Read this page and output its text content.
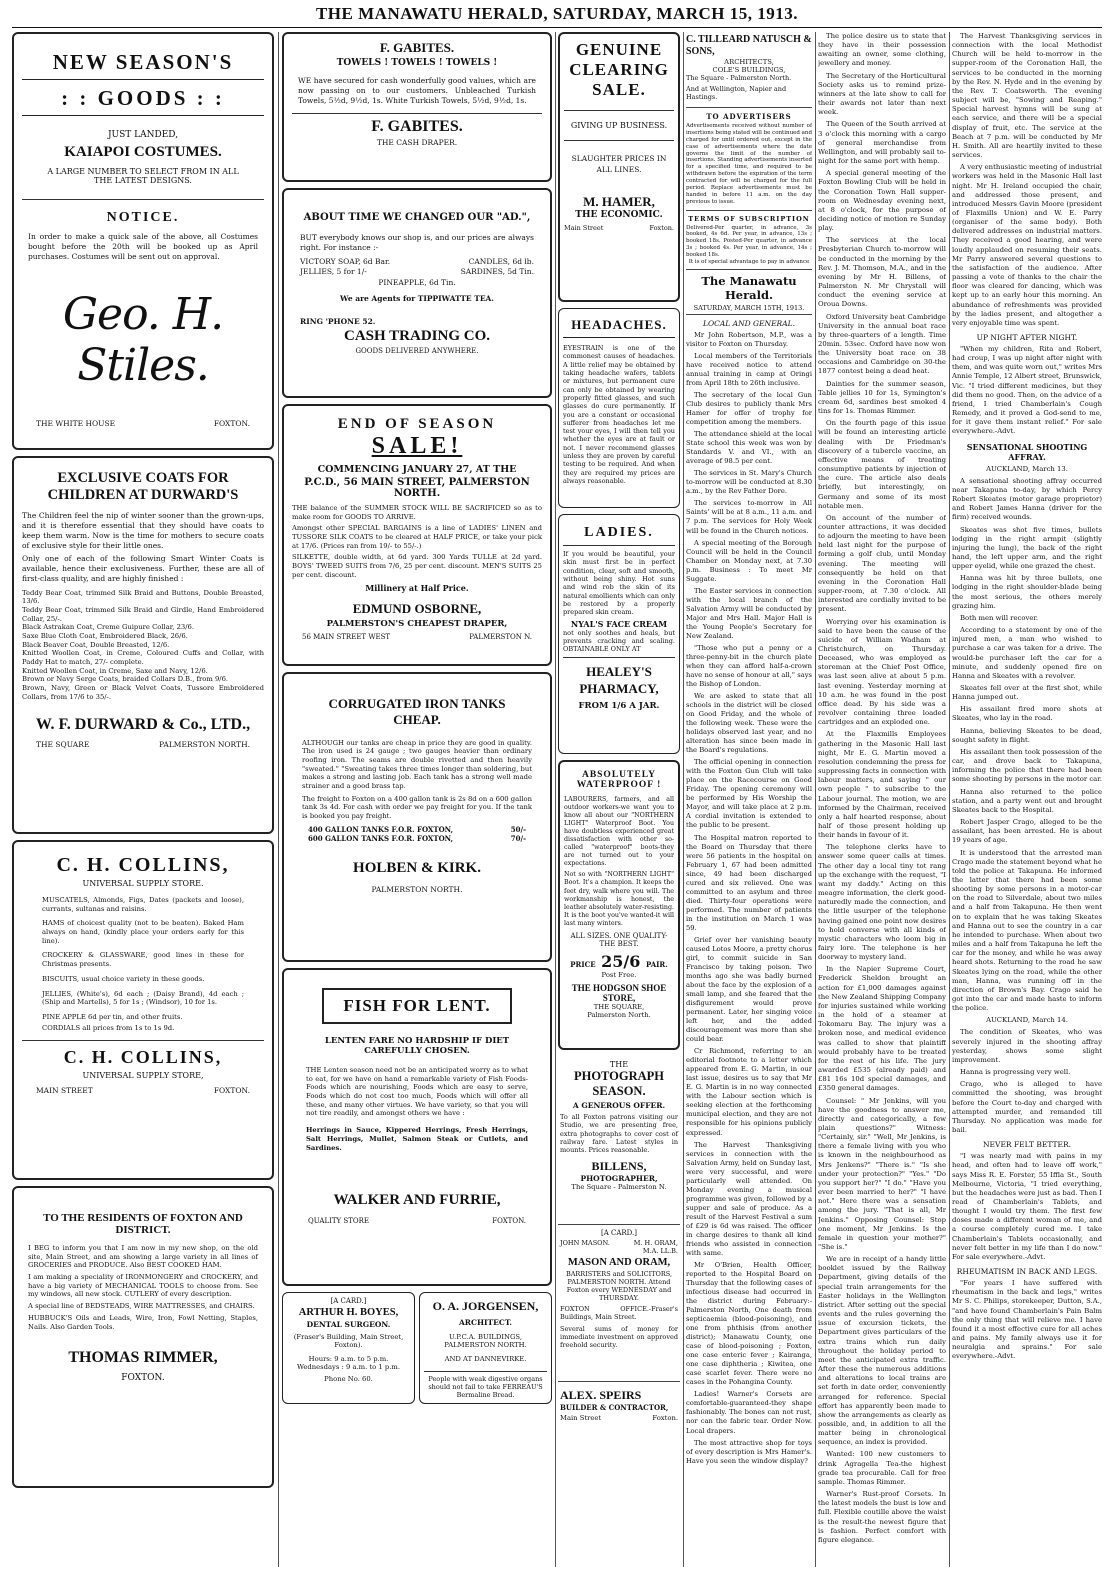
THE MANAWATU HERALD, SATURDAY, MARCH 15, 1913.
NEW SEASON'S
: : GOODS : :
JUST LANDED,
KAIAPOI COSTUMES.
A LARGE NUMBER TO SELECT FROM IN ALL THE LATEST DESIGNS.
NOTICE.
In order to make a quick sale of the above, all Costumes bought before the 20th will be booked up as April purchases. Costumes will be sent out on approval.
Geo. H. Stiles.
THE WHITE HOUSE	FOXTON.
EXCLUSIVE COATS FOR CHILDREN AT DURWARD'S
The Children feel the nip of winter sooner than the grown-ups, and it is therefore essential that they should have coats to keep them warm. Now is the time for mothers to secure coats of exclusive style for their little ones.
Only one of each of the following Smart Winter Coats is available, hence their exclusiveness. Further, these are all of first-class quality, and are highly finished :
Teddy Bear Coat, trimmed Silk Braid and Buttons, Double Breasted, 13/6.
Teddy Bear Coat, trimmed Silk Braid and Girdle, Hand Embroidered Collar, 25/-.
Black Astrakan Coat, Creme Guipure Collar, 23/6.
Saxe Blue Cloth Coat, Embroidered Black, 26/6.
Black Beaver Coat, Double Breasted, 12/6.
Knitted Woollen Coat, in Creme, Coloured Cuffs and Collar, with Paddy Hat to match, 27/- complete.
Knitted Woollen Coat, in Creme, Saxe and Navy, 12/6.
Brown or Navy Serge Coats, braided Collars D.B., from 9/6.
Brown, Navy, Green or Black Velvet Coats, Tussore Embroidered Collars, from 17/6 to 35/-.
W. F. DURWARD & Co., LTD.,
THE SQUARE	PALMERSTON NORTH.
C. H. COLLINS,
UNIVERSAL SUPPLY STORE.
MUSCATELS, Almonds, Figs, Dates (packets and loose), currants, sultanas and raisins.
HAMS of choicest quality (not to be beaten). Baked Ham always on hand, (kindly place your orders early for this line).
CROCKERY & GLASSWARE, good lines in these for Christmas presents.
BISCUITS, usual choice variety in these goods.
JELLIES, (White's), 6d each ; (Daisy Brand), 4d each ; (Ship and Martells), 5 for 1s ; (Windsor), 10 for 1s.
PINE APPLE 6d per tin, and other fruits.
CORDIALS all prices from 1s to 1s 9d.
C. H. COLLINS,
UNIVERSAL SUPPLY STORE,
MAIN STREET	FOXTON.
TO THE RESIDENTS OF FOXTON AND DISTRICT.

I BEG to inform you that I am now in my new shop, on the old site, Main Street, and am showing a large variety in all lines of GROCERIES and PRODUCE. Also BEST COOKED HAM.

I am making a speciality of IRONMONGERY and CROCKERY, and have a big variety of MECHANICAL TOOLS to choose from. See my windows, all new stock. CUTLERY of every description.

A special line of BEDSTEADS, WIRE MATTRESSES, and CHAIRS.

HUBBUCK'S Oils and Leads, Wire, Iron, Fowl Netting, Staples, Nails. Also Garden Tools.

THOMAS RIMMER,
FOXTON.
F. GABITES.
TOWELS ! TOWELS ! TOWELS !
WE have secured for cash wonderfully good values, which are now passing on to our customers. Unbleached Turkish Towels, 5½d, 9½d, 1s. White Turkish Towels, 5½d, 9½d, 1s.
F. GABITES.
THE CASH DRAPER.
ABOUT TIME WE CHANGED OUR "AD.",
BUT everybody knows our shop is, and our prices are always right. For instance :-
VICTORY SOAP, 6d Bar.	CANDLES, 6d lb.
JELLIES, 5 for 1/-	SARDINES, 5d Tin.
PINEAPPLE, 6d Tin.
We are Agents for TIPPIWATTE TEA.
RING 'PHONE 52.
CASH TRADING CO.
GOODS DELIVERED ANYWHERE.
END OF SEASON
SALE!
COMMENCING JANUARY 27, AT THE
P.C.D., 56 MAIN STREET, PALMERSTON NORTH.

THE balance of the SUMMER STOCK WILL BE SACRIFICED so as to make room for GOODS TO ARRIVE.

Amongst other SPECIAL BARGAINS is a line of LADIES' LINEN and TUSSORE SILK COATS to be cleared at HALF PRICE, or take your pick at 17/6. (Prices ran from 19/- to 55/-.)

SILKETTE, double width, at 6d yard. 300 Yards TULLE at 2d yard. BOYS' TWEED SUITS from 7/6, 25 per cent. discount. MEN'S SUITS 25 per cent. discount.

Millinery at Half Price.
EDMUND OSBORNE,
PALMERSTON'S CHEAPEST DRAPER,
56 MAIN STREET WEST	PALMERSTON N.
CORRUGATED IRON TANKS CHEAP.

ALTHOUGH our tanks are cheap in price they are good in quality. The iron used is 24 gauge ; two gauges heavier than ordinary roofing iron. The seams are double rivetted and then heavily "sweated." "Sweating takes three times longer than soldering, but makes a strong and lasting job. Each tank has a strong well made strainer and a good brass tap.

The freight to Foxton on a 400 gallon tank is 2s 8d on a 600 gallon tank 3s 4d. For cash with order we pay freight for you. If the tank is booked you pay freight.

400 GALLON TANKS F.O.R. FOXTON,	50/-
600 GALLON TANKS F.O.R. FOXTON,	70/-
HOLBEN & KIRK.
PALMERSTON NORTH.
FISH FOR LENT.
LENTEN FARE NO HARDSHIP IF DIET CAREFULLY CHOSEN.
THE Lenten season need not be an anticipated worry as to what to eat, for we have on hand a remarkable variety of Fish Foods-Foods which are nourishing, Foods which are easy to serve, Foods which do not cost too much, Foods which will offer all these, and many other virtues. We have variety, so that you will not tire readily, and amongst others we have :
Herrings in Sauce, Kippered Herrings, Fresh Herrings, Salt Herrings, Mullet, Salmon Steak or Cutlets, and Sardines.
WALKER AND FURRIE,
QUALITY STORE	FOXTON.
[A CARD.]
ARTHUR H. BOYES,
DENTAL SURGEON.
(Fraser's Building, Main Street, Foxton).
Hours: 9 a.m. to 5 p.m. Wednesdays : 9 a.m. to 1 p.m.
Phone No. 60.
O. A. JORGENSEN,
ARCHITECT.
U.P.C.A. BUILDINGS, PALMERSTON NORTH.
AND AT DANNEVIRKE.
People with weak digestive organs should not fail to take FERREAU'S Bermaline Bread.
GENUINE
CLEARING
SALE.
GIVING UP BUSINESS.
SLAUGHTER PRICES IN ALL LINES.
M. HAMER,
THE ECONOMIC.
Main Street	Foxton.
HEADACHES.
EYESTRAIN is one of the commonest causes of headaches. A little relief may be obtained by taking headache wafers, tablets or mixtures, but permanent cure can only be obtained by wearing properly fitted glasses, and such glasses do cure permanently. If you are a constant or occasional sufferer from headaches let me test your eyes, I will then tell you whether the eyes are at fault or not. I never recommend glasses unless they are proven by careful testing to be required. And when they are required my prices are always reasonable.
LADIES.
If you would be beautiful, your skin must first be in perfect condition, clear, soft and smooth, without being shiny. Hot suns and wind rob the skin of its natural emollients which can only be restored by a properly prepared skin cream.
NYAL'S FACE CREAM
not only soothes and heals, but prevents cracking and scaling. OBTAINABLE ONLY AT
HEALEY'S PHARMACY,
FROM 1/6 A JAR.
ABSOLUTELY
WATERPROOF !
LABOURERS, farmers, and all outdoor workers-we want you to know all about our "NORTHERN LIGHT" Waterproof Boot. You have doubtless experienced great dissatisfaction with other so-called "waterproof" boots-they are not turned out to your expectations.
Not so with "NORTHERN LIGHT" Boot. It's a champion. It keeps the feet dry, walk where you will. The workmanship is honest, the leather absolutely water-resisting. It is the boot you've wanted-it will last many winters.
ALL SIZES. ONE QUALITY-THE BEST.
PRICE 25/6 PAIR.
Post Free.
THE HODGSON SHOE STORE,
THE SQUARE,
Palmerston North.
THE
PHOTOGRAPH SEASON.
A GENEROUS OFFER.
To all Foxton patrons visiting our Studio, we are presenting free, extra photographs to cover cost of railway fare. Latest styles in mounts. Prices reasonable.
BILLENS,
PHOTOGRAPHER,
The Square - Palmerston N.
[A CARD.]
JOHN MASON.	M. H. ORAM, M.A. LL.B.
MASON AND ORAM,
BARRISTERS and SOLICITORS, PALMERSTON NORTH. Attend Foxton every WEDNESDAY and THURSDAY.
FOXTON OFFICE.-Fraser's Buildings, Main Street.
Several sums of money for immediate investment on approved freehold security.
ALEX. SPEIRS
BUILDER & CONTRACTOR,
Main Street	Foxton.
C. TILLEARD NATUSCH & SONS,
ARCHITECTS,
COLE'S BUILDINGS,
The Square - Palmerston North.
And at Wellington, Napier and Hastings.
TO ADVERTISERS
Advertisements received without number of insertions being stated will be continued and charged for until ordered out, except in the case of advertisements where the date governs the limit of the number of insertions. Standing advertisements inserted for a specified time, and required to be withdrawn before the expiration of the term contracted for will be charged for the full period. Replace advertisements must be handed in before 11 a.m. on the day previous to issue.
TERMS OF SUBSCRIPTION
Delivered-Per quarter, in advance, 3s booked, 4s 6d. Per year, in advance, 13s ; booked 18s. Posted-Per quarter, in advance 3s ; booked 4s. Per year, in advance, 14s ; booked 18s.
It is of special advantage to pay in advance
The Manawatu Herald.
SATURDAY, MARCH 15TH, 1913.
LOCAL AND GENERAL.

Mr John Robertson, M.P., was a visitor to Foxton on Thursday.

Local members of the Territorials have received notice to attend annual training in camp at Oringi from April 18th to 26th inclusive.

The secretary of the local Gun Club desires to publicly thank Mrs Hamer for offer of trophy for competition among the members.

The attendance shield at the local State school this week was won by Standards V. and VI., with an average of 98.5 per cent.

The services in St. Mary's Church to-morrow will be conducted at 8.30 a.m., by the Rev Father Dore.

The services to-morrow in All Saints' will be at 8 a.m., 11 a.m. and 7 p.m. The services for Holy Week will be found in the Church notices.

A special meeting of the Borough Council will be held in the Council Chamber on Monday next, at 7.30 p.m. Business : To meet Mr Suggate.

The Easter services in connection with the local branch of the Salvation Army will be conducted by Major and Mrs Hall. Major Hall is the Young People's Secretary for New Zealand.

"Those who put a penny or a three-penny-bit in the church plate when they can afford half-a-crown have no sense of honour at all," says the Bishop of London.

We are asked to state that all schools in the district will be closed on Good Friday, and the whole of the following week. These were the holidays observed last year, and no alteration has since been made in the Board's regulations.

The official opening in connection with the Foxton Gun Club will take place on the Racecourse on Good Friday. The opening ceremony will be performed by His Worship the Mayor, and will take place at 2 p.m. A cordial invitation is extended to the public to be present.

The Hospital matron reported to the Board on Thursday that there were 56 patients in the hospital on February 1, 67 had been admitted since, 49 had been discharged cured and six relieved. One was committed to an asylum and three died. Thirty-four operations were performed. The number of patients in the institution on March 1 was 59.

Grief over her vanishing beauty caused Lotos Moore, a pretty chorus girl, to commit suicide in San Francisco by taking poison. Two months ago she was badly burned about the face by the explosion of a small lamp, and she feared that the disfigurement would prove permanent. Later, her singing voice left her, and the added discouragement was more than she could bear.

Cr Richmond, referring to an editorial footnote to a letter which appeared from E. G. Martin, in our last issue, desires us to say that Mr E. G. Martin is in no way connected with the Labour section which is seeking election at the forthcoming municipal election, and they are not responsible for his opinions publicly expressed.

The Harvest Thanksgiving services in connection with the Salvation Army, held on Sunday last, were very successful, and were particularly well attended. On Monday evening a musical programme was given, followed by a supper and sale of produce. As a result of the Harvest Festival a sum of £29 is 6d was raised. The officer in charge desires to thank all kind friends who assisted in connection with same.

Mr O'Brien, Health Officer, reported to the Hospital Board on Thursday that the following cases of infectious disease had occurred in the district during February:- Palmerston North, One death from septicaemia (blood-poisoning), and one from phthisis (from another district); Manawatu County, one case of blood-poisoning ; Foxton, one case enteric fever ; Kairanga, one case diphtheria ; Kiwitea, one case scarlet fever. There were no cases in the Pohangina County.

Ladies! Warner's Corsets are comfortable-guaranteed-they shape fashionably. The bones can not rust, nor can the fabric tear. Order Now. Local drapers.

The most attractive shop for toys of every description is Mrs Hamer's. Have you seen the window display?

The police desire us to state that they have in their possession awaiting an owner, some clothing, jewellery and money.

The Secretary of the Horticultural Society asks us to remind prize-winners at the late show to call for their awards not later than next week.

The Queen of the South arrived at 3 o'clock this morning with a cargo of general merchandise from Wellington, and will probably sail to-night for the same port with hemp.

A special general meeting of the Foxton Bowling Club will be held in the Coronation Town Hall supper-room on Wednesday evening next, at 8 o'clock, for the purpose of deciding notice of motion re Sunday play.

The services at the local Presbyterian Church to-morrow will be conducted in the morning by the Rev. J. M. Thomson, M.A., and in the evening by Mr H. Billens, of Palmerston N. Mr Chrystall will conduct the evening service at Oroua Downs.

Oxford University beat Cambridge University in the annual boat race by three-quarters of a length. Time 20min. 53sec. Oxford have now won the University boat race on 38 occasions and Cambridge on 30-the 1877 contest being a dead heat.

Dainties for the summer season, Table jellies 10 for 1s, Symington's cream 6d, sardines best smoked 4 tins for 1s. Thomas Rimmer.

On the fourth page of this issue will be found an interesting article dealing with Dr Friedman's discovery of a tubercle vaccine, an effective means of treating consumptive patients by injection of the cure. The article also deals briefly, but interestingly, on Germany and some of its most notable men.

On account of the number of counter attractions, it was decided to adjourn the meeting to have been held last night for the purpose of forming a golf club, until Monday evening. The meeting will consequently be held on that evening in the Coronation Hall supper-room, at 7.30 o'clock. All interested are cordially invited to be present.

Worrying over his examination is said to have been the cause of the suicide of William Wadham at Christchurch, on Thursday. Deceased, who was employed as storeman at the Chief Post Office, was last seen alive at about 5 p.m. last evening. Yesterday morning at 10 a.m. he was found in the post office dead. By his side was a revolver containing three loaded cartridges and an exploded one.

At the Flaxmills Employees gathering in the Masonic Hall last night, Mr E. G. Martin moved a resolution condemning the press for suppressing facts in connection with labour matters, and saying " our own people " to subscribe to the Labour journal. The motion, we are informed by the Chairman, received only a half hearted response, about half of those present holding up their hands in favour of it.

The telephone clerks have to answer some queer calls at times. The other day a local tiny tot rang up the exchange with the request, "I want my daddy." Acting on this meagre information, the clerk good-naturedly made the connection, and the little usurper of the telephone having gained one point now desires to hold converse with all kinds of mystic characters who loom big in fairy lore. The telephone is her doorway to mystery land.

In the Napier Supreme Court, Frederick Sheldon brought an action for £1,000 damages against the New Zealand Shipping Company for injuries sustained while working in the hold of a steamer at Tokomaru Bay. The injury was a broken nose, and medical evidence was called to show that plaintiff would probably have to be treated for the rest of his life. The jury awarded £535 (already paid) and £81 16s 10d special damages, and £350 general damages.

Counsel: " Mr Jenkins, will you have the goodness to answer me, directly and categorically, a few plain questions?" Witness: "Certainly, sir." "Well, Mr Jenkins, is there a female living with you who is known in the neighbourhood as Mrs Jenkens?" "There is." "Is she under your protection?" "Yes." "Do you support her?" "I do." "Have you ever been married to her?" "I have not." Here there was a sensation among the jury. "That is all, Mr Jenkins." Opposing Counsel: Stop one moment, Mr Jenkins. Is the female in question your mother?" "She is."

We are in receipt of a handy little booklet issued by the Railway Department, giving details of the special train arrangements for the Easter holidays in the Wellington district. After setting out the special events and the rules governing the issue of excursion tickets, the Department gives particulars of the extra trains which run daily throughout the holiday period to meet the anticipated extra traffic. After these the numerous additions and alterations to local trains are set forth in date order, conveniently arranged for reference. Special effort has apparently been made to show the arrangements as clearly as possible, and, in addition to all the matter being in chronological sequence, an index is provided.

Wanted: 100 new customers to drink Agragella Tea-the highest grade tea procurable. Call for free sample. Thomas Rimmer.

Warner's Rust-proof Corsets. In the latest models the bust is low and full. Flexible coutille above the waist is the result-the newest figure that is fashion. Perfect comfort with figure elegance.

The Harvest Thanksgiving services in connection with the local Methodist Church will be held to-morrow in the supper-room of the Coronation Hall, the services to be conducted in the morning by the Rev. N. Hyde and in the evening by the Rev. T. Coatsworth. The evening subject will be, "Sowing and Reaping." Special harvest hymns will be sung at each service, and there will be a special display of fruit, etc. The service at the Beach at 7 p.m. will be conducted by Mr H. Smith. All are heartily invited to these services.

A very enthusiastic meeting of industrial workers was held in the Masonic Hall last night. Mr H. Ireland occupied the chair, and addressed those present, and introduced Messrs Gavin Moore (president of Flaxmills Union) and W. E. Parry (organiser of the same body). Both delivered addresses on industrial matters. They received a good hearing, and were loudly applauded on resuming their seats. Mr Parry answered several questions to the satisfaction of the audience. After passing a vote of thanks to the chair the floor was cleared for dancing, which was kept up to an early hour this morning. An abundance of refreshments was provided by the ladies present, and altogether a very enjoyable time was spent.

UP NIGHT AFTER NIGHT.

"When my children, Rita and Robert, had croup, I was up night after night with them, and was quite worn out," writes Mrs Annie Temple, 12 Albert street, Brunswick, Vic. "I tried different medicines, but they did them no good. Then, on the advice of a friend, I tried Chamberlain's Cough Remedy, and it proved a God-send to me, for it gave them instant relief." For sale everywhere.-Advt.

SENSATIONAL SHOOTING AFFRAY.

AUCKLAND, March 13.

A sensational shooting affray occurred near Takapuna to-day, by which Percy Robert Skeates (motor garage proprietor) and Robert James Hanna (driver for the firm) received wounds.

Skeates was shot five times, bullets lodging in the right armpit (slightly injuring the lung), the back of the right hand, the left upper arm, and the right upper eyelid, while one grazed the chest.

Hanna was hit by three bullets, one lodging in the right shoulder-blade being the most serious, the others merely grazing him.

Both men will recover.

According to a statement by one of the injured men, a man who wished to purchase a car was taken for a drive. The would-be purchaser left the car for a minute, and suddenly opened fire on Hanna and Skeates with a revolver.

Skeates fell over at the first shot, while Hanna jumped out.

His assailant fired more shots at Skeates, who lay in the road.

Hanna, believing Skeates to be dead, sought safety in flight.

His assailant then took possession of the car, and drove back to Takapuna, informing the police that there had been some shooting by persons in the motor car.

Hanna also returned to the police station, and a party went out and brought Skeates back to the Hospital.

Robert Jasper Crago, alleged to be the assailant, has been arrested. He is about 19 years of age.

It is understood that the arrested man Crago made the statement beyond what he told the police at Takapuna. He informed the latter that there had been some shooting by some persons in a motor-car on the road to Silverdale, about two miles and a half from Takapuna. He then went on to explain that he was taking Skeates and Hanna out to see the country in a car he intended to purchase. When about two miles and a half from Takapuna he left the car for the money, and while he was away heard shots. Returning to the road he saw Skeates lying on the road, while the other man, Hanna, was running off in the direction of Brown's Bay. Crago said he got into the car and made haste to inform the police.

AUCKLAND, March 14.

The condition of Skeates, who was severely injured in the shooting affray yesterday, shows some slight improvement.

Hanna is progressing very well.

Crago, who is alleged to have committed the shooting, was brought before the Court to-day and charged with attempted murder, and remanded till Thursday. No application was made for bail.

NEVER FELT BETTER.

"I was nearly mad with pains in my head, and often had to leave off work," says Miss R. E. Forster, 55 Iffla St., South Melbourne, Victoria, "I tried everything, but the headaches were just as bad. Then I read of Chamberlain's Tablets, and thought I would try them. The first few doses made a different woman of me, and a course completely cured me. I take Chamberlain's Tablets occasionally, and never felt better in my life than I do now." For sale everywhere.-Advt.

RHEUMATISM IN BACK AND LEGS.

"For years I have suffered with rheumatism in the back and legs," writes Mr S. C. Philips, storekeeper, Dutton, S.A., "and have found Chamberlain's Pain Balm the only thing that will relieve me. I have found it a most effective cure for all aches and pains. My family always use it for neuralgia and sprains." For sale everywhere.-Advt.
